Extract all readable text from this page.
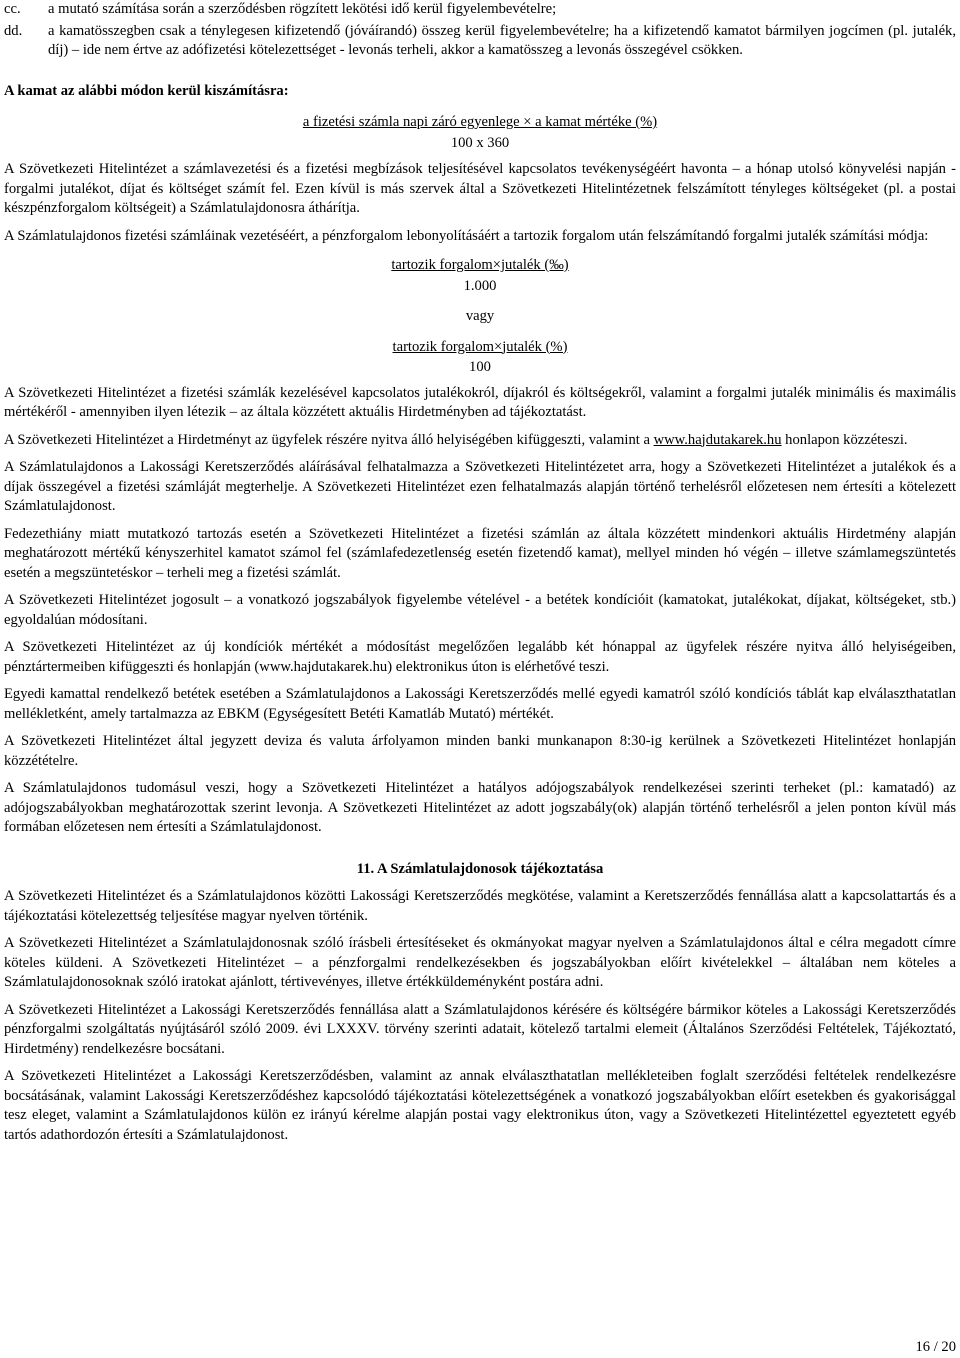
cc. a mutató számítása során a szerződésben rögzített lekötési idő kerül figyelembevételre;
dd. a kamatösszegben csak a ténylegesen kifizetendő (jóváírandó) összeg kerül figyelembevételre; ha a kifizetendő kamatot bármilyen jogcímen (pl. jutalék, díj) – ide nem értve az adófizetési kötelezettséget - levonás terheli, akkor a kamatösszeg a levonás összegével csökken.

A kamat az alábbi módon kerül kiszámításra:

a fizetési számla napi záró egyenlege × a kamat mértéke (%)

100 x 360

A Szövetkezeti Hitelintézet a számlavezetési és a fizetési megbízások teljesítésével kapcsolatos tevékenységéért havonta – a hónap utolsó könyvelési napján - forgalmi jutalékot, díjat és költséget számít fel. Ezen kívül is más szervek által a Szövetkezeti Hitelintézetnek felszámított tényleges költségeket (pl. a postai készpénzforgalom költségeit) a Számlatulajdonosra áthárítja.

A Számlatulajdonos fizetési számláinak vezetéséért, a pénzforgalom lebonyolításáért a tartozik forgalom után felszámítandó forgalmi jutalék számítási módja:

tartozik forgalom×jutalék (‰)

1.000

vagy

tartozik forgalom×jutalék (%)

100

A Szövetkezeti Hitelintézet a fizetési számlák kezelésével kapcsolatos jutalékokról, díjakról és költségekről, valamint a forgalmi jutalék minimális és maximális mértékéről - amennyiben ilyen létezik – az általa közzétett aktuális Hirdetményben ad tájékoztatást.

A Szövetkezeti Hitelintézet a Hirdetményt az ügyfelek részére nyitva álló helyiségében kifüggeszti, valamint a www.hajdutakarek.hu honlapon közzéteszi.

A Számlatulajdonos a Lakossági Keretszerződés aláírásával felhatalmazza a Szövetkezeti Hitelintézetet arra, hogy a Szövetkezeti Hitelintézet a jutalékok és a díjak összegével a fizetési számláját megterhelje. A Szövetkezeti Hitelintézet ezen felhatalmazás alapján történő terhelésről előzetesen nem értesíti a kötelezett Számlatulajdonost.

Fedezethiány miatt mutatkozó tartozás esetén a Szövetkezeti Hitelintézet a fizetési számlán az általa közzétett mindenkori aktuális Hirdetmény alapján meghatározott mértékű kényszerhitel kamatot számol fel (számlafedezetlenség esetén fizetendő kamat), mellyel minden hó végén – illetve számlamegszüntetés esetén a megszüntetéskor – terheli meg a fizetési számlát.

A Szövetkezeti Hitelintézet jogosult – a vonatkozó jogszabályok figyelembe vételével - a betétek kondícióit (kamatokat, jutalékokat, díjakat, költségeket, stb.) egyoldalúan módosítani.

A Szövetkezeti Hitelintézet az új kondíciók mértékét a módosítást megelőzően legalább két hónappal az ügyfelek részére nyitva álló helyiségeiben, pénztártermeiben kifüggeszti és honlapján (www.hajdutakarek.hu) elektronikus úton is elérhetővé teszi.

Egyedi kamattal rendelkező betétek esetében a Számlatulajdonos a Lakossági Keretszerződés mellé egyedi kamatról szóló kondíciós táblát kap elválaszthatatlan mellékletként, amely tartalmazza az EBKM (Egységesített Betéti Kamatláb Mutató) mértékét.

A Szövetkezeti Hitelintézet által jegyzett deviza és valuta árfolyamon minden banki munkanapon 8:30-ig kerülnek a Szövetkezeti Hitelintézet honlapján közzétételre.

A Számlatulajdonos tudomásul veszi, hogy a Szövetkezeti Hitelintézet a hatályos adójogszabályok rendelkezései szerinti terheket (pl.: kamatadó) az adójogszabályokban meghatározottak szerint levonja. A Szövetkezeti Hitelintézet az adott jogszabály(ok) alapján történő terhelésről a jelen ponton kívül más formában előzetesen nem értesíti a Számlatulajdonost.

11. A Számlatulajdonosok tájékoztatása

A Szövetkezeti Hitelintézet és a Számlatulajdonos közötti Lakossági Keretszerződés megkötése, valamint a Keretszerződés fennállása alatt a kapcsolattartás és a tájékoztatási kötelezettség teljesítése magyar nyelven történik.

A Szövetkezeti Hitelintézet a Számlatulajdonosnak szóló írásbeli értesítéseket és okmányokat magyar nyelven a Számlatulajdonos által e célra megadott címre köteles küldeni. A Szövetkezeti Hitelintézet – a pénzforgalmi rendelkezésekben és jogszabályokban előírt kivételekkel – általában nem köteles a Számlatulajdonosoknak szóló iratokat ajánlott, tértivevényes, illetve értékküldeményként postára adni.

A Szövetkezeti Hitelintézet a Lakossági Keretszerződés fennállása alatt a Számlatulajdonos kérésére és költségére bármikor köteles a Lakossági Keretszerződés pénzforgalmi szolgáltatás nyújtásáról szóló 2009. évi LXXXV. törvény szerinti adatait, kötelező tartalmi elemeit (Általános Szerződési Feltételek, Tájékoztató, Hirdetmény) rendelkezésre bocsátani.

A Szövetkezeti Hitelintézet a Lakossági Keretszerződésben, valamint az annak elválaszthatatlan mellékleteiben foglalt szerződési feltételek rendelkezésre bocsátásának, valamint Lakossági Keretszerződéshez kapcsolódó tájékoztatási kötelezettségének a vonatkozó jogszabályokban előírt esetekben és gyakorisággal tesz eleget, valamint a Számlatulajdonos külön ez irányú kérelme alapján postai vagy elektronikus úton, vagy a Szövetkezeti Hitelintézettel egyeztetett egyéb tartós adathordozón értesíti a Számlatulajdonost.

16 / 20
